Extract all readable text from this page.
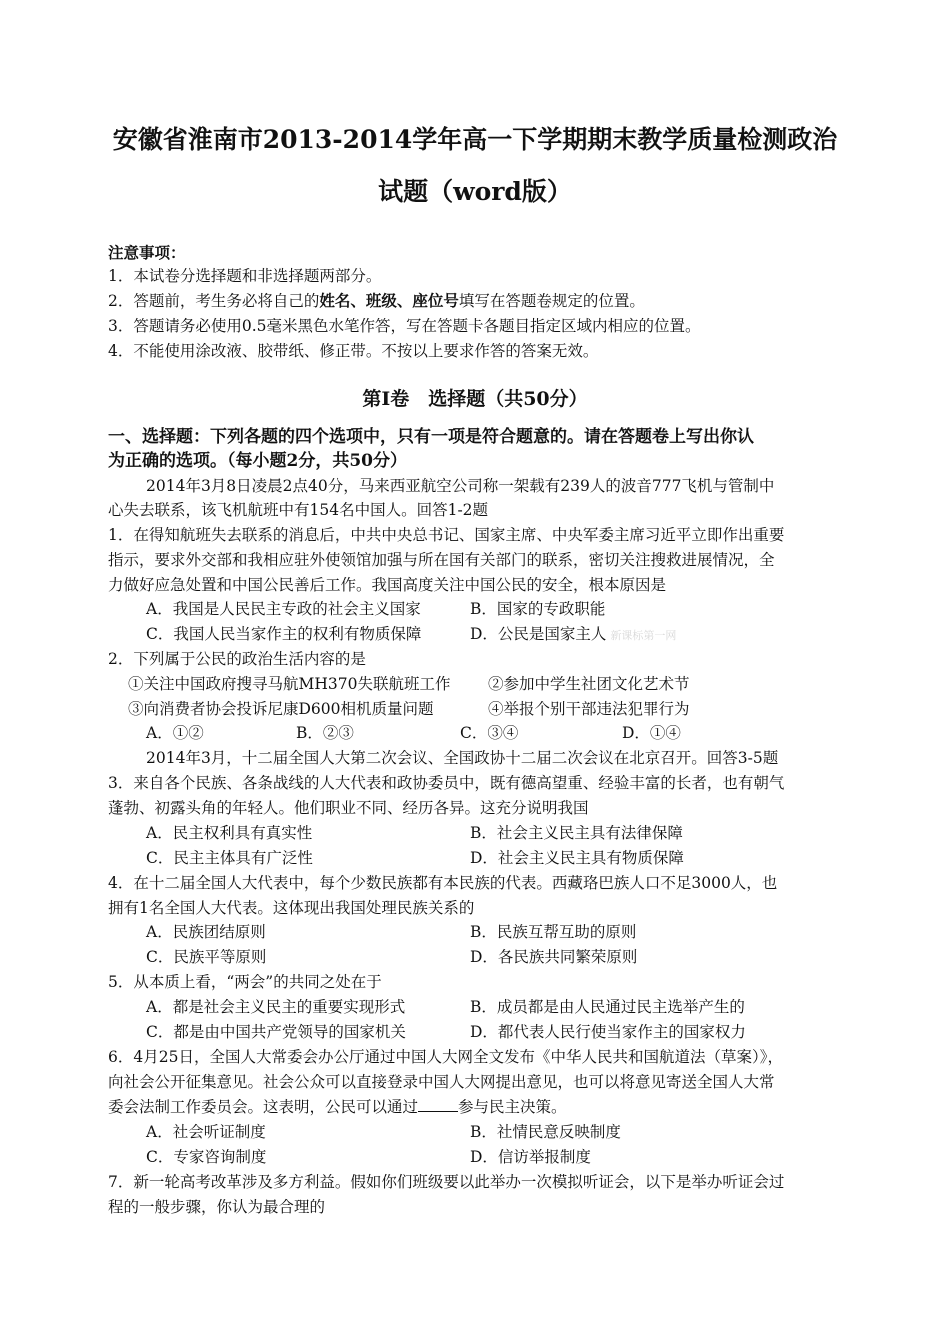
安徽省淮南市2013-2014学年高一下学期期末教学质量检测政治
试题（word版）
注意事项：
1．本试卷分选择题和非选择题两部分。
2．答题前，考生务必将自己的姓名、班级、座位号填写在答题卷规定的位置。
3．答题请务必使用0.5毫米黑色水笔作答，写在答题卡各题目指定区域内相应的位置。
4．不能使用涂改液、胶带纸、修正带。不按以上要求作答的答案无效。
第Ⅰ卷　选择题（共50分）
一、选择题：下列各题的四个选项中，只有一项是符合题意的。请在答题卷上写出你认
为正确的选项。（每小题2分，共50分）
2014年3月8日凌晨2点40分，马来西亚航空公司称一架载有239人的波音777飞机与管制中
心失去联系，该飞机航班中有154名中国人。回答1-2题
1．在得知航班失去联系的消息后，中共中央总书记、国家主席、中央军委主席习近平立即作出重要
指示，要求外交部和我相应驻外使领馆加强与所在国有关部门的联系，密切关注搜救进展情况，全
力做好应急处置和中国公民善后工作。我国高度关注中国公民的安全，根本原因是
A．我国是人民民主专政的社会主义国家	B．国家的专政职能
C．我国人民当家作主的权利有物质保障	D．公民是国家主人 新课标第一网
2．下列属于公民的政治生活内容的是
①关注中国政府搜寻马航MH370失联航班工作 ②参加中学生社团文化艺术节
③向消费者协会投诉尼康D600相机质量问题	④举报个别干部违法犯罪行为
A．①②	B．②③	C．③④	D．①④
2014年3月，十二届全国人大第二次会议、全国政协十二届二次会议在北京召开。回答3-5题
3．来自各个民族、各条战线的人大代表和政协委员中，既有德高望重、经验丰富的长者，也有朝气
蓬勃、初露头角的年轻人。他们职业不同、经历各异。这充分说明我国
A．民主权利具有真实性	B．社会主义民主具有法律保障
C．民主主体具有广泛性	D．社会主义民主具有物质保障
4．在十二届全国人大代表中，每个少数民族都有本民族的代表。西藏珞巴族人口不足3000人，也
拥有1名全国人大代表。这体现出我国处理民族关系的
A．民族团结原则	B．民族互帮互助的原则
C．民族平等原则	D．各民族共同繁荣原则
5．从本质上看，“两会”的共同之处在于
A．都是社会主义民主的重要实现形式	B．成员都是由人民通过民主选举产生的
C．都是由中国共产党领导的国家机关	D．都代表人民行使当家作主的国家权力
6．4月25日，全国人大常委会办公厅通过中国人大网全文发布《中华人民共和国航道法（草案）》，
向社会公开征集意见。社会公众可以直接登录中国人大网提出意见，也可以将意见寄送全国人大常
委会法制工作委员会。这表明，公民可以通过	参与民主决策。
A．社会听证制度	B．社情民意反映制度
C．专家咨询制度	D．信访举报制度
7．新一轮高考改革涉及多方利益。假如你们班级要以此举办一次模拟听证会，以下是举办听证会过
程的一般步骤，你认为最合理的
